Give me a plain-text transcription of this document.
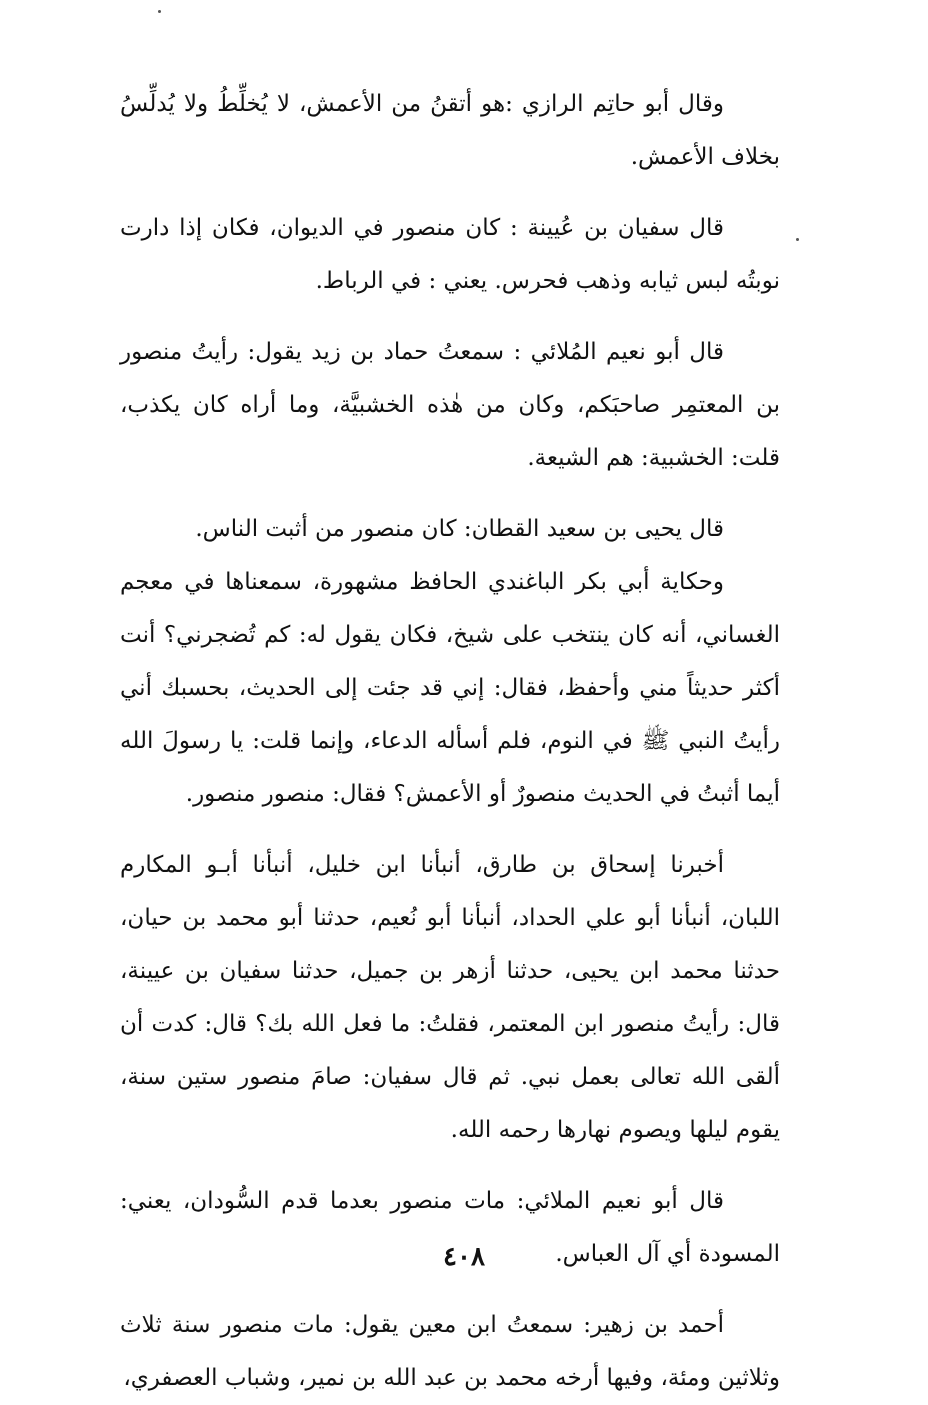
وقال أبو حاتِم الرازي :هو أتقنُ من الأعمش، لا يُخلِّطُ ولا يُدلِّسُ بخلاف الأعمش.

قال سفيان بن عُيينة : كان منصور في الديوان، فكان إذا دارت نوبتُه لبس ثيابه وذهب فحرس. يعني : في الرباط.

قال أبو نعيم المُلائي : سمعتُ حماد بن زيد يقول: رأيتُ منصور بن المعتمِر صاحبَكم، وكان من هٰذه الخشبيَّة، وما أراه كان يكذب، قلت: الخشبية: هم الشيعة.

قال يحيى بن سعيد القطان: كان منصور من أثبت الناس.

وحكاية أبي بكر الباغندي الحافظ مشهورة، سمعناها في معجم الغساني، أنه كان ينتخب على شيخ، فكان يقول له: كم تُضجرني؟ أنت أكثر حديثاً مني وأحفظ، فقال: إني قد جئت إلى الحديث، بحسبك أني رأيتُ النبي ﷺ في النوم، فلم أسأله الدعاء، وإنما قلت: يا رسولَ الله أيما أثبتُ في الحديث منصورٌ أو الأعمش؟ فقال: منصور منصور.

أخبرنا إسحاق بن طارق، أنبأنا ابن خليل، أنبأنا أبـو المكارم اللبان، أنبأنا أبو علي الحداد، أنبأنا أبو نُعيم، حدثنا أبو محمد بن حيان، حدثنا محمد ابن يحيى، حدثنا أزهر بن جميل، حدثنا سفيان بن عيينة، قال: رأيتُ منصور ابن المعتمر، فقلتُ: ما فعل الله بك؟ قال: كدت أن ألقى الله تعالى بعمل نبي. ثم قال سفيان: صامَ منصور ستين سنة، يقوم ليلها ويصوم نهارها رحمه الله.

قال أبو نعيم الملائي: مات منصور بعدما قدم السُّودان، يعني: المسودة أي آل العباس.

أحمد بن زهير: سمعتُ ابن معين يقول: مات منصور سنة ثلاث وثلاثين ومئة، وفيها أرخه محمد بن عبد الله بن نمير، وشباب العصفري،

٤٠٨
